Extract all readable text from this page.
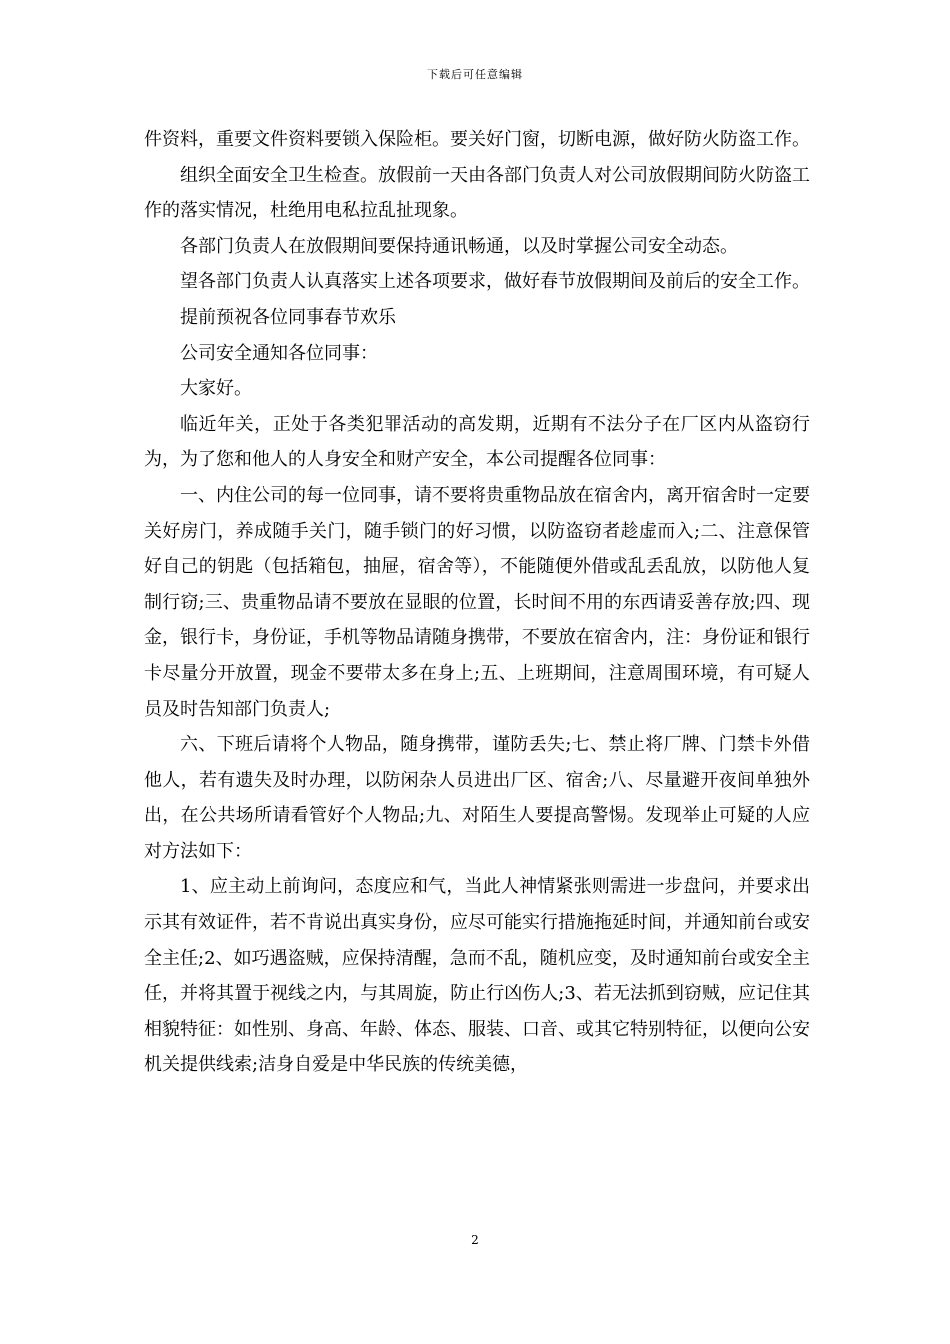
下载后可任意编辑

件资料，重要文件资料要锁入保险柜。要关好门窗，切断电源，做好防火防盗工作。

组织全面安全卫生检查。放假前一天由各部门负责人对公司放假期间防火防盗工作的落实情况，杜绝用电私拉乱扯现象。

各部门负责人在放假期间要保持通讯畅通，以及时掌握公司安全动态。

望各部门负责人认真落实上述各项要求，做好春节放假期间及前后的安全工作。

提前预祝各位同事春节欢乐

公司安全通知各位同事：

大家好。

临近年关，正处于各类犯罪活动的高发期，近期有不法分子在厂区内从盗窃行为，为了您和他人的人身安全和财产安全，本公司提醒各位同事：

一、内住公司的每一位同事，请不要将贵重物品放在宿舍内，离开宿舍时一定要关好房门，养成随手关门，随手锁门的好习惯，以防盗窃者趁虚而入;二、注意保管好自己的钥匙（包括箱包，抽屉，宿舍等），不能随便外借或乱丢乱放，以防他人复制行窃;三、贵重物品请不要放在显眼的位置，长时间不用的东西请妥善存放;四、现金，银行卡，身份证，手机等物品请随身携带，不要放在宿舍内，注：身份证和银行卡尽量分开放置，现金不要带太多在身上;五、上班期间，注意周围环境，有可疑人员及时告知部门负责人;

六、下班后请将个人物品，随身携带，谨防丢失;七、禁止将厂牌、门禁卡外借他人，若有遗失及时办理，以防闲杂人员进出厂区、宿舍;八、尽量避开夜间单独外出，在公共场所请看管好个人物品;九、对陌生人要提高警惕。发现举止可疑的人应对方法如下：

1、应主动上前询问，态度应和气，当此人神情紧张则需进一步盘问，并要求出示其有效证件，若不肯说出真实身份，应尽可能实行措施拖延时间，并通知前台或安全主任;2、如巧遇盗贼，应保持清醒，急而不乱，随机应变，及时通知前台或安全主任，并将其置于视线之内，与其周旋，防止行凶伤人;3、若无法抓到窃贼，应记住其相貌特征：如性别、身高、年龄、体态、服装、口音、或其它特别特征，以便向公安机关提供线索;洁身自爱是中华民族的传统美德，

2
